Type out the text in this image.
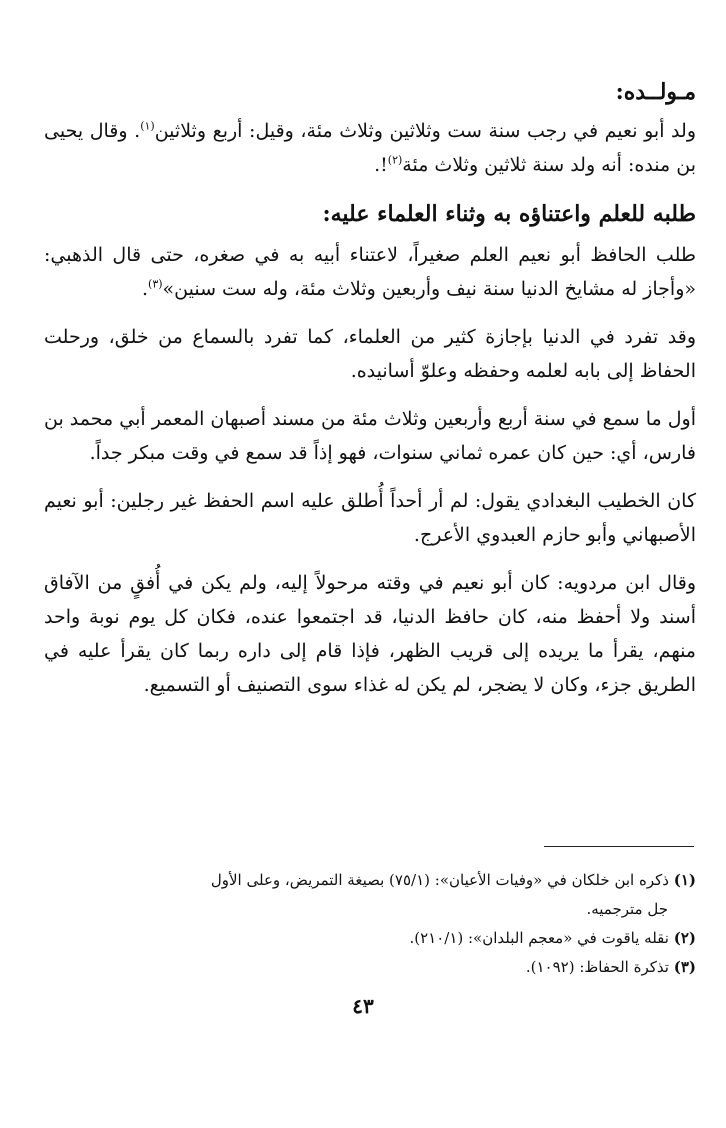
مـولــده:

ولد أبو نعيم في رجب سنة ست وثلاثين وثلاث مئة، وقيل: أربع وثلاثين$^{(١)}$. وقال يحيى بن منده: أنه ولد سنة ثلاثين وثلاث مئة$^{(٢)}$!.

طلبه للعلم واعتناؤه به وثناء العلماء عليه:

طلب الحافظ أبو نعيم العلم صغيراً، لاعتناء أبيه به في صغره، حتى قال الذهبي: «وأجاز له مشايخ الدنيا سنة نيف وأربعين وثلاث مئة، وله ست سنين»$^{(٣)}$.

وقد تفرد في الدنيا بإجازة كثير من العلماء، كما تفرد بالسماع من خلق، ورحلت الحفاظ إلى بابه لعلمه وحفظه وعلوّ أسانيده.

أول ما سمع في سنة أربع وأربعين وثلاث مئة من مسند أصبهان المعمر أبي محمد بن فارس، أي: حين كان عمره ثماني سنوات، فهو إذاً قد سمع في وقت مبكر جداً.

كان الخطيب البغدادي يقول: لم أر أحداً أُطلق عليه اسم الحفظ غير رجلين: أبو نعيم الأصبهاني وأبو حازم العبدوي الأعرج.

وقال ابن مردويه: كان أبو نعيم في وقته مرحولاً إليه، ولم يكن في أُفقٍ من الآفاق أسند ولا أحفظ منه، كان حافظ الدنيا، قد اجتمعوا عنده، فكان كل يوم نوبة واحد منهم، يقرأ ما يريده إلى قريب الظهر، فإذا قام إلى داره ربما كان يقرأ عليه في الطريق جزء، وكان لا يضجر، لم يكن له غذاء سوى التصنيف أو التسميع.

(١) ذكره ابن خلكان في «وفيات الأعيان»: (٧٥/١) بصيغة التمريض، وعلى الأول

جل مترجميه.

(٢) نقله ياقوت في «معجم البلدان»: (٢١٠/١).

(٣) تذكرة الحفاظ: (١٠٩٢).

٤٣
